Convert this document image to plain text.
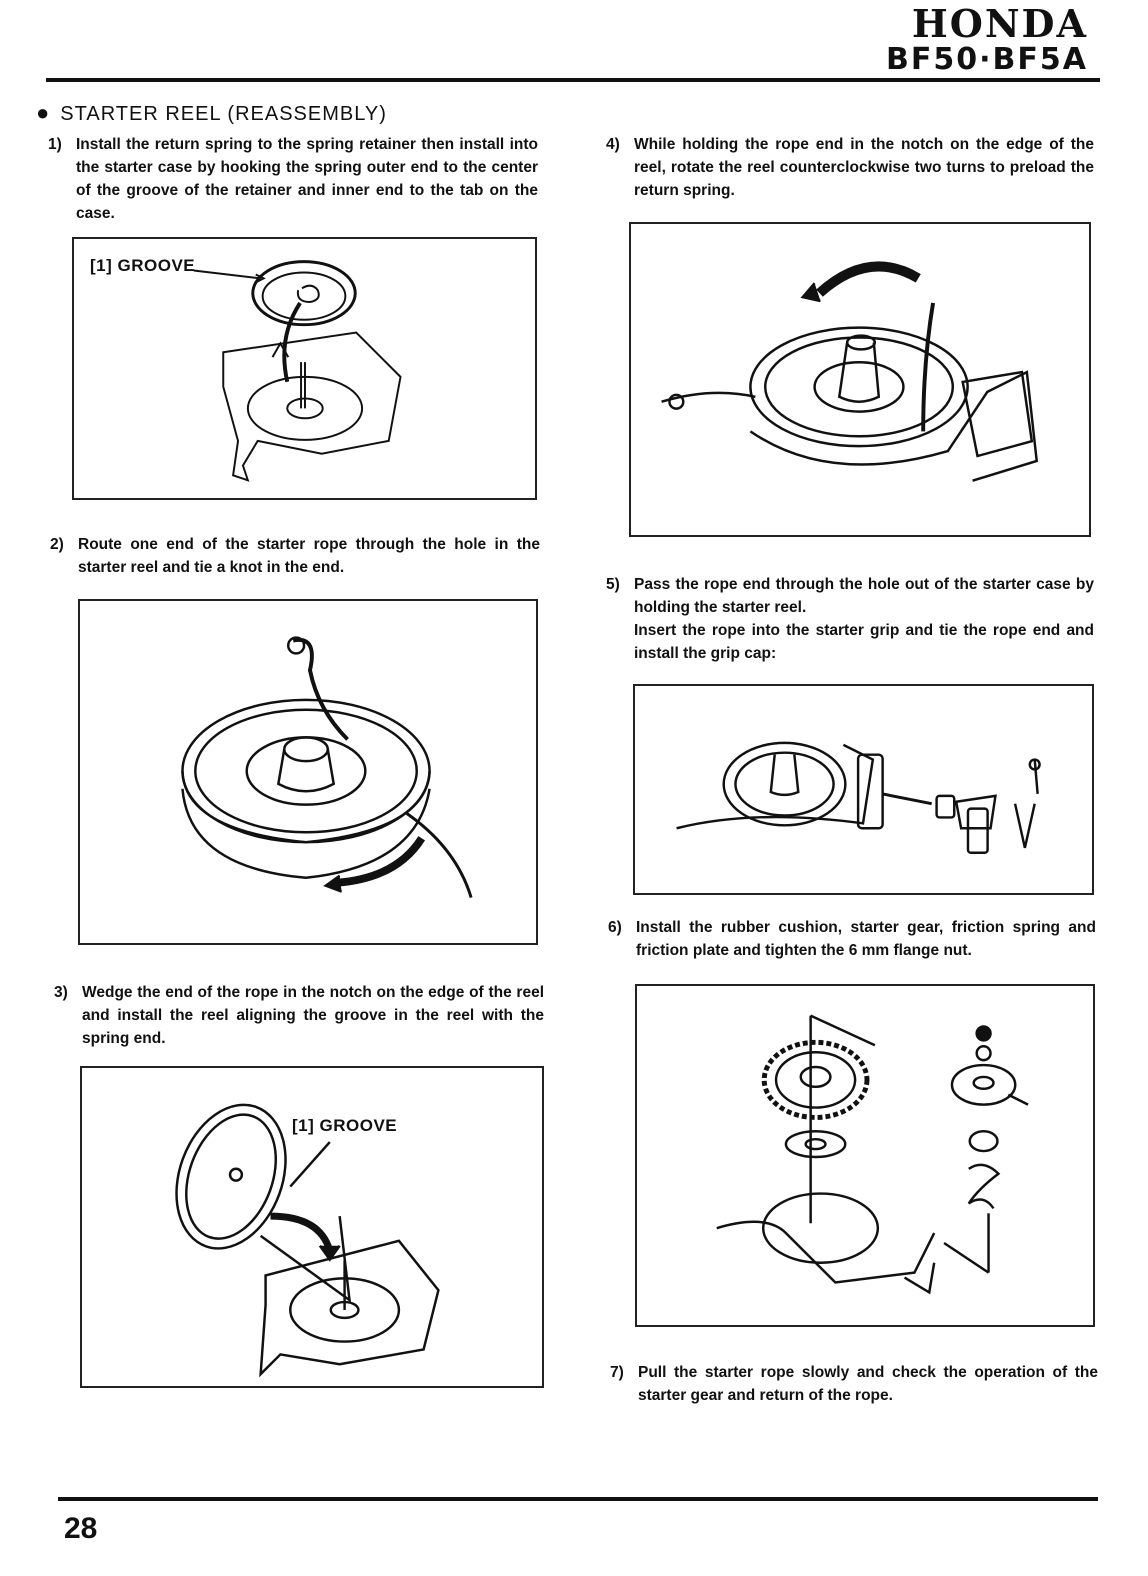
HONDA
BF50·BF5A
● STARTER REEL (REASSEMBLY)
1) Install the return spring to the spring retainer then install into the starter case by hooking the spring outer end to the center of the groove of the retainer and inner end to the tab on the case.
[1] GROOVE
2) Route one end of the starter rope through the hole in the starter reel and tie a knot in the end.
3) Wedge the end of the rope in the notch on the edge of the reel and install the reel aligning the groove in the reel with the spring end.
[1] GROOVE
4) While holding the rope end in the notch on the edge of the reel, rotate the reel counterclockwise two turns to preload the return spring.
5) Pass the rope end through the hole out of the starter case by holding the starter reel.

Insert the rope into the starter grip and tie the rope end and install the grip cap:

6) Install the rubber cushion, starter gear, friction spring and friction plate and tighten the 6 mm flange nut.
7) Pull the starter rope slowly and check the operation of the starter gear and return of the rope.
28
